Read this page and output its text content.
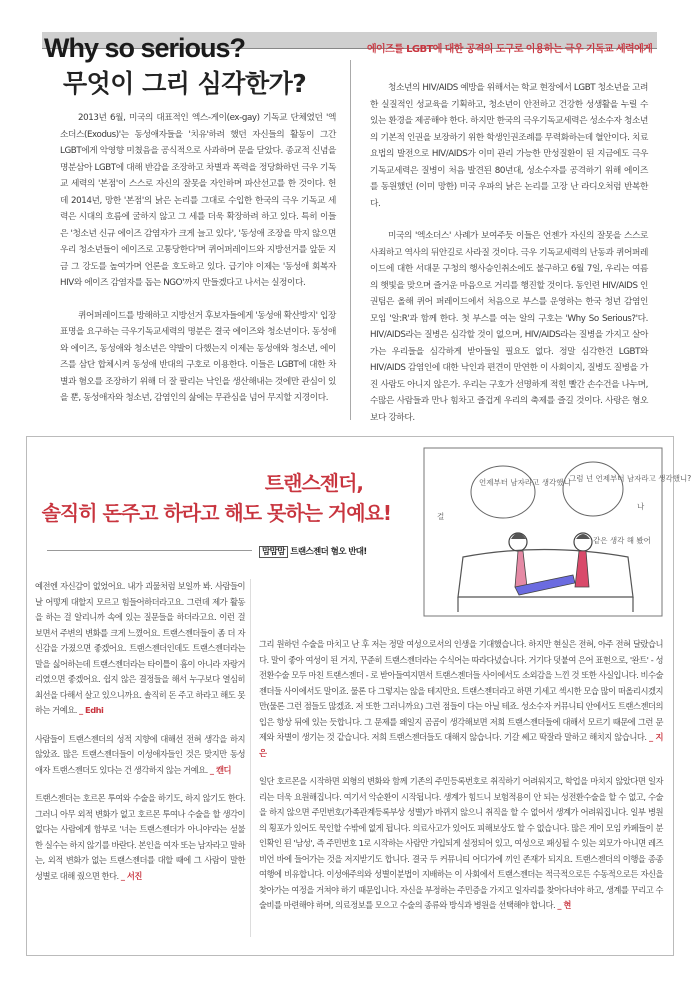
Why so serious?	에이즈를 LGBT에 대한 공격의 도구로 이용하는 극우 기독교 세력에게
무엇이 그리 심각한가?

2013년 6월, 미국의 대표적인 엑스-게이(ex-gay) 기독교 단체였던 '엑소더스(Exodus)'는 동성애자들을 '치유'하려 했던 자신들의 활동이 그간 LGBT에게 악영향 미쳤음을 공식적으로 사과하며 문을 닫았다. 종교적 신념을 명분삼아 LGBT에 대해 반감을 조장하고 차별과 폭력을 정당화하던 극우 기독교 세력의 '본점'이 스스로 자신의 잘못을 자인하며 파산선고를 한 것이다. 헌데 2014년, 망한 '본점'의 낡은 논리를 그대로 수입한 한국의 극우 기독교 세력은 시대의 흐름에 굴하지 않고 그 세를 더욱 확장하려 하고 있다. 특히 이들은 '청소년 신규 에이즈 감염자가 크게 늘고 있다', '동성애 조장을 막지 않으면 우리 청소년들이 에이즈로 고통당한다'며 퀴어퍼레이드와 지방선거를 앞둔 지금 그 강도를 높여가며 언론을 호도하고 있다. 급기야 이제는 '동성애 회복자 HIV와 에이즈 감염자를 돕는 NGO'까지 만들겠다고 나서는 실정이다.

퀴어퍼레이드를 방해하고 지방선거 후보자들에게 '동성애 확산방지' 입장표명을 요구하는 극우기독교세력의 명분은 결국 에이즈와 청소년이다. 동성애와 에이즈, 동성애와 청소년은 약발이 다했는지 이제는 동성애와 청소년, 에이즈를 삼단 합체시켜 동성애 반대의 구호로 이용한다. 이들은 LGBT에 대한 차별과 혐오를 조장하기 위해 더 잘 팔리는 낙인을 생산해내는 것에만 관심이 있을 뿐, 동성애자와 청소년, 감염인의 삶에는 무관심을 넘어 무지할 지경이다.

청소년의 HIV/AIDS 예방을 위해서는 학교 현장에서 LGBT 청소년을 고려한 실질적인 성교육을 기획하고, 청소년이 안전하고 건강한 성생활을 누릴 수 있는 환경을 제공해야 한다. 하지만 한국의 극우기독교세력은 성소수자 청소년의 기본적 인권을 보장하기 위한 학생인권조례를 무력화하는데 혈안이다. 치료요법의 발전으로 HIV/AIDS가 이미 관리 가능한 만성질환이 된 지금에도 극우기독교세력은 질병이 처음 발견된 80년대, 성소수자를 공격하기 위해 에이즈를 동원했던 (이미 망한) 미국 우파의 낡은 논리를 고장 난 라디오처럼 반복한다.

미국의 '엑소더스' 사례가 보여주듯 이들은 언젠가 자신의 잘못을 스스로 사죄하고 역사의 뒤안길로 사라질 것이다. 극우 기독교세력의 난동과 퀴어퍼레이드에 대한 서대문 구청의 행사승인취소에도 불구하고 6월 7일, 우리는 여름의 햇빛을 맞으며 즐거운 마음으로 거리를 행진할 것이다. 동인련 HIV/AIDS 인권팀은 올해 퀴어 퍼레이드에서 처음으로 부스를 운영하는 한국 청년 감염인 모임 '알:R'과 함께 한다. 첫 부스를 여는 알의 구호는 'Why So Serious?'다. HIV/AIDS라는 질병은 심각할 것이 없으며, HIV/AIDS라는 질병을 가지고 살아가는 우리들을 심각하게 받아들일 필요도 없다. 정말 심각한건 LGBT와 HIV/AIDS 감염인에 대한 낙인과 편견이 만연한 이 사회이지, 질병도 질병을 가진 사람도 아니지 않은가. 우리는 구호가 선명하게 적힌 빨간 손수건을 나누며, 수많은 사람들과 만나 힘차고 즐겁게 우리의 축제를 즐길 것이다. 사랑은 혐오보다 강하다.

트랜스젠더,
솔직히 돈주고 하라고 해도 못하는 거예요!
맘맘맘 트랜스젠더 혐오 반대!
언제부터 남자라고 생각했니
그럼 넌 언제부터 남자라고 생각했니?
같은 생각 해 봤어
걸
나

예전엔 자신감이 없었어요. 내가 괴물처럼 보일까 봐. 사람들이 날 어떻게 대할지 모르고 힘들어하더라고요. 그런데 제가 활동을 하는 걸 알리니까 속에 있는 질문들을 하더라고요. 이런 걸 보면서 주변의 변화를 크게 느꼈어요. 트랜스젠더들이 좀 더 자신감을 가졌으면 좋겠어요. 트랜스젠더인데도 트랜스젠더라는 말을 싫어하는데 트랜스젠더라는 타이틀이 흠이 아니라 자랑거리였으면 좋겠어요. 쉽지 않은 결정들을 해서 누구보다 열심히 최선을 다해서 살고 있으니까요. 솔직히 돈 주고 하라고 해도 못하는 거예요. _ Edhi

사람들이 트랜스젠더의 성적 지향에 대해선 전혀 생각을 하지 않았죠. 많은 트랜스젠더들이 이성애자들인 것은 맞지만 동성애자 트랜스젠더도 있다는 건 생각하지 않는 거예요. _ 캔디

트랜스젠더는 호르몬 투여와 수술을 하기도, 하지 않기도 한다. 그러니 아무 외적 변화가 없고 호르몬 투여나 수술을 할 생각이 없다는 사람에게 함부로 '너는 트랜스젠더가 아니야'라는 섣불한 실수는 하지 않기를 바란다. 본인을 여자 또는 남자라고 말하는, 외적 변화가 없는 트랜스젠더를 대할 때에 그 사람이 말한 성별로 대해 줬으면 한다. _ 서진

그리 원하던 수술을 마치고 난 후 저는 정말 여성으로서의 인생을 기대했습니다. 하지만 현실은 전혀, 아주 전혀 달랐습니다. 말이 좋아 여성이 된 거지, 꾸준히 트랜스젠더라는 수식어는 따라다녔습니다. 거기다 덧붙여 은어 표현으로, '완트' - 성전환수술 모두 마친 트랜스젠더 - 로 받아들여지면서 트랜스젠더들 사이에서도 소외감을 느낀 것 또한 사실입니다. 비수술 젠더들 사이에서도 말이죠. 물론 다 그렇지는 않을 테지만요. 트랜스젠더라고 하면 기세고 섹시한 모습 많이 떠올리시겠지만(물론 그런 점들도 많겠죠. 저 또한 그러니까요) 그런 점들이 다는 아닐 테죠. 성소수자 커뮤니티 안에서도 트랜스젠더의 입은 항상 뒤에 있는 듯합니다. 그 문제를 왜일지 곰곰이 생각해보면 저희 트랜스젠더들에 대해서 모르기 때문에 그런 문제와 차별이 생기는 것 같습니다. 저희 트랜스젠더들도 대해지 않습니다. 기갈 쎄고 딱잘라 말하고 해치지 않습니다. _ 지은

일단 호르몬을 시작하면 외형의 변화와 함께 기존의 주민등록번호로 취직하기 어려워지고, 학업을 마치지 않았다면 일자리는 더욱 요원해집니다. 여기서 악순환이 시작됩니다. 생계가 힘드니 보험적용이 안 되는 성전환수술을 할 수 없고, 수술을 하지 않으면 주민번호(가족관계등록부상 성별)가 바뀌지 않으니 취직을 할 수 없어서 생계가 어려워집니다. 일부 병원의 횡포가 있어도 묵인할 수밖에 없게 됩니다. 의료사고가 있어도 피해보상도 할 수 없습니다. 많은 게이 모임 카페들이 분인확인 된 '남성', 즉 주민번호 1로 시작하는 사람만 가입되게 설정되어 있고, 여성으로 패싱될 수 있는 외모가 아니면 레즈비언 바에 들어가는 것을 저지받기도 합니다. 결국 두 커뮤니티 어디가에 끼인 존재가 되지요. 트랜스젠더의 이행을 종종 여행에 비유합니다. 이성애주의와 성별이분법이 지배하는 이 사회에서 트랜스젠더는 적극적으로든 수동적으로든 자신을 찾아가는 여정을 거쳐야 하기 때문입니다. 자신을 부정하는 주민증을 가지고 일자리를 찾아다녀야 하고, 생계를 꾸리고 수술비를 마련해야 하며, 의료정보를 모으고 수술의 종류와 방식과 병원을 선택해야 합니다. _ 현
